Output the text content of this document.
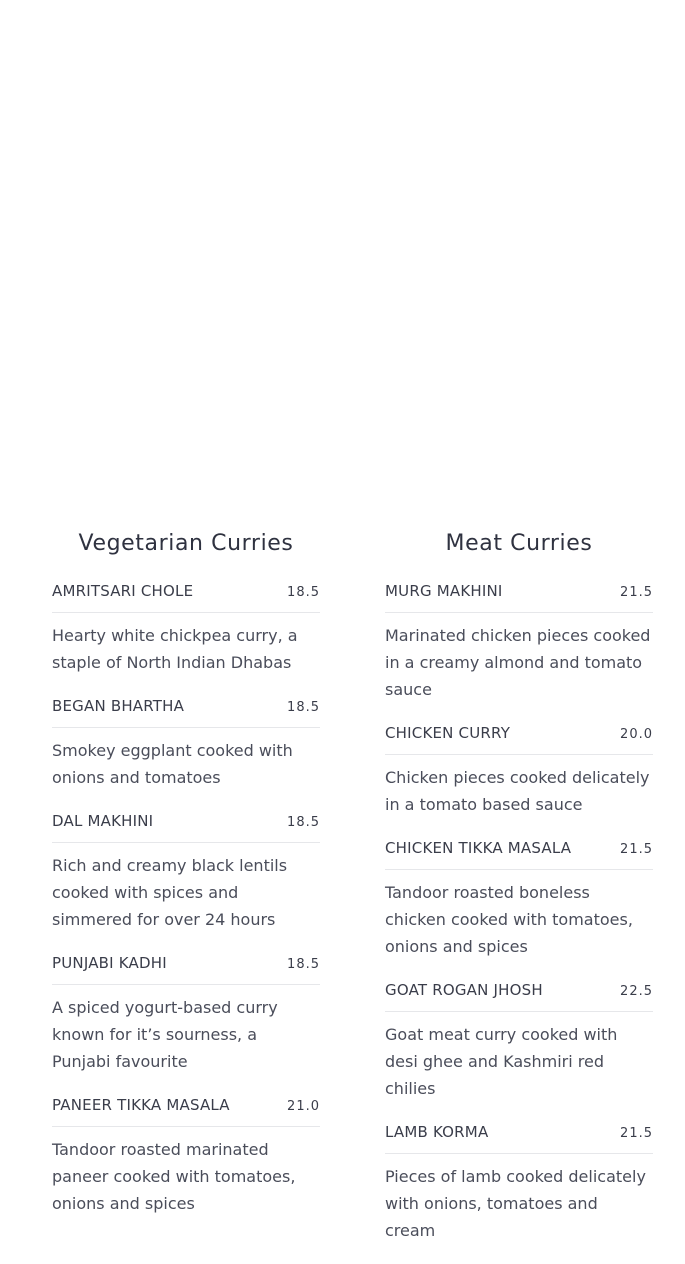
Vegetarian Curries
AMRITSARI CHOLE	18.5
Hearty white chickpea curry, a staple of North Indian Dhabas
BEGAN BHARTHA	18.5
Smokey eggplant cooked with onions and tomatoes
DAL MAKHINI	18.5
Rich and creamy black lentils cooked with spices and simmered for over 24 hours
PUNJABI KADHI	18.5
A spiced yogurt-based curry known for it’s sourness, a Punjabi favourite
PANEER TIKKA MASALA	21.0
Tandoor roasted marinated paneer cooked with tomatoes, onions and spices
Meat Curries
MURG MAKHINI	21.5
Marinated chicken pieces cooked in a creamy almond and tomato sauce
CHICKEN CURRY	20.0
Chicken pieces cooked delicately in a tomato based sauce
CHICKEN TIKKA MASALA	21.5
Tandoor roasted boneless chicken cooked with tomatoes, onions and spices
GOAT ROGAN JHOSH	22.5
Goat meat curry cooked with desi ghee and Kashmiri red chilies
LAMB KORMA	21.5
Pieces of lamb cooked delicately with onions, tomatoes and cream
